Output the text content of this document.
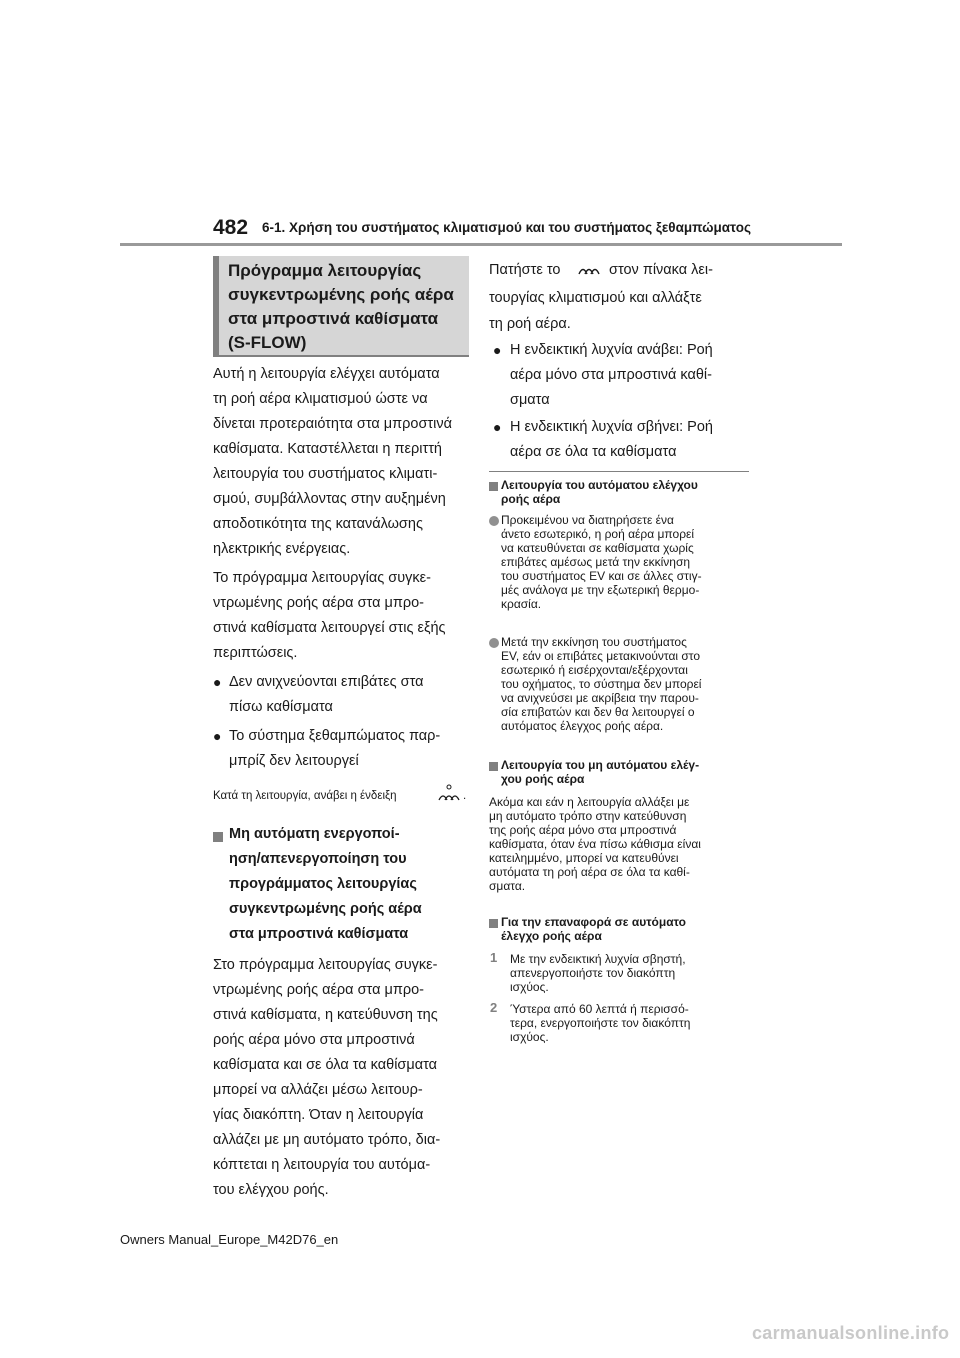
482 6-1. Χρήση του συστήματος κλιματισμού και του συστήματος ξεθαμπώματος
Πρόγραμμα λειτουργίας
συγκεντρωμένης ροής αέρα
στα μπροστινά καθίσματα
(S-FLOW)
Αυτή η λειτουργία ελέγχει αυτόματα
τη ροή αέρα κλιματισμού ώστε να
δίνεται προτεραιότητα στα μπροστινά
καθίσματα. Καταστέλλεται η περιττή
λειτουργία του συστήματος κλιματι-
σμού, συμβάλλοντας στην αυξημένη
αποδοτικότητα της κατανάλωσης
ηλεκτρικής ενέργειας.
Το πρόγραμμα λειτουργίας συγκε-
ντρωμένης ροής αέρα στα μπρο-
στινά καθίσματα λειτουργεί στις εξής
περιπτώσεις.
● Δεν ανιχνεύονται επιβάτες στα
πίσω καθίσματα
● Το σύστημα ξεθαμπώματος παρ-
μπρίζ δεν λειτουργεί
Κατά τη λειτουργία, ανάβει η ένδειξη	.
Μη αυτόματη ενεργοποί-
ηση/απενεργοποίηση του
προγράμματος λειτουργίας
συγκεντρωμένης ροής αέρα
στα μπροστινά καθίσματα
Στο πρόγραμμα λειτουργίας συγκε-
ντρωμένης ροής αέρα στα μπρο-
στινά καθίσματα, η κατεύθυνση της
ροής αέρα μόνο στα μπροστινά
καθίσματα και σε όλα τα καθίσματα
μπορεί να αλλάζει μέσω λειτουρ-
γίας διακόπτη. Όταν η λειτουργία
αλλάζει με μη αυτόματο τρόπο, δια-
κόπτεται η λειτουργία του αυτόμα-
του ελέγχου ροής.
Πατήστε το	στον πίνακα λει-
τουργίας κλιματισμού και αλλάξτε
τη ροή αέρα.
● Η ενδεικτική λυχνία ανάβει: Ροή
αέρα μόνο στα μπροστινά καθί-
σματα
● Η ενδεικτική λυχνία σβήνει: Ροή
αέρα σε όλα τα καθίσματα
Λειτουργία του αυτόματου ελέγχου
ροής αέρα
Προκειμένου να διατηρήσετε ένα
άνετο εσωτερικό, η ροή αέρα μπορεί
να κατευθύνεται σε καθίσματα χωρίς
επιβάτες αμέσως μετά την εκκίνηση
του συστήματος EV και σε άλλες στιγ-
μές ανάλογα με την εξωτερική θερμο-
κρασία.
Μετά την εκκίνηση του συστήματος
EV, εάν οι επιβάτες μετακινούνται στο
εσωτερικό ή εισέρχονται/εξέρχονται
του οχήματος, το σύστημα δεν μπορεί
να ανιχνεύσει με ακρίβεια την παρου-
σία επιβατών και δεν θα λειτουργεί ο
αυτόματος έλεγχος ροής αέρα.
Λειτουργία του μη αυτόματου ελέγ-
χου ροής αέρα
Ακόμα και εάν η λειτουργία αλλάξει με
μη αυτόματο τρόπο στην κατεύθυνση
της ροής αέρα μόνο στα μπροστινά
καθίσματα, όταν ένα πίσω κάθισμα είναι
κατειλημμένο, μπορεί να κατευθύνει
αυτόματα τη ροή αέρα σε όλα τα καθί-
σματα.
Για την επαναφορά σε αυτόματο
έλεγχο ροής αέρα
1 Με την ενδεικτική λυχνία σβηστή,
απενεργοποιήστε τον διακόπτη
ισχύος.
2 Ύστερα από 60 λεπτά ή περισσό-
τερα, ενεργοποιήστε τον διακόπτη
ισχύος.
Owners Manual_Europe_M42D76_en
carmanualsonline.info
